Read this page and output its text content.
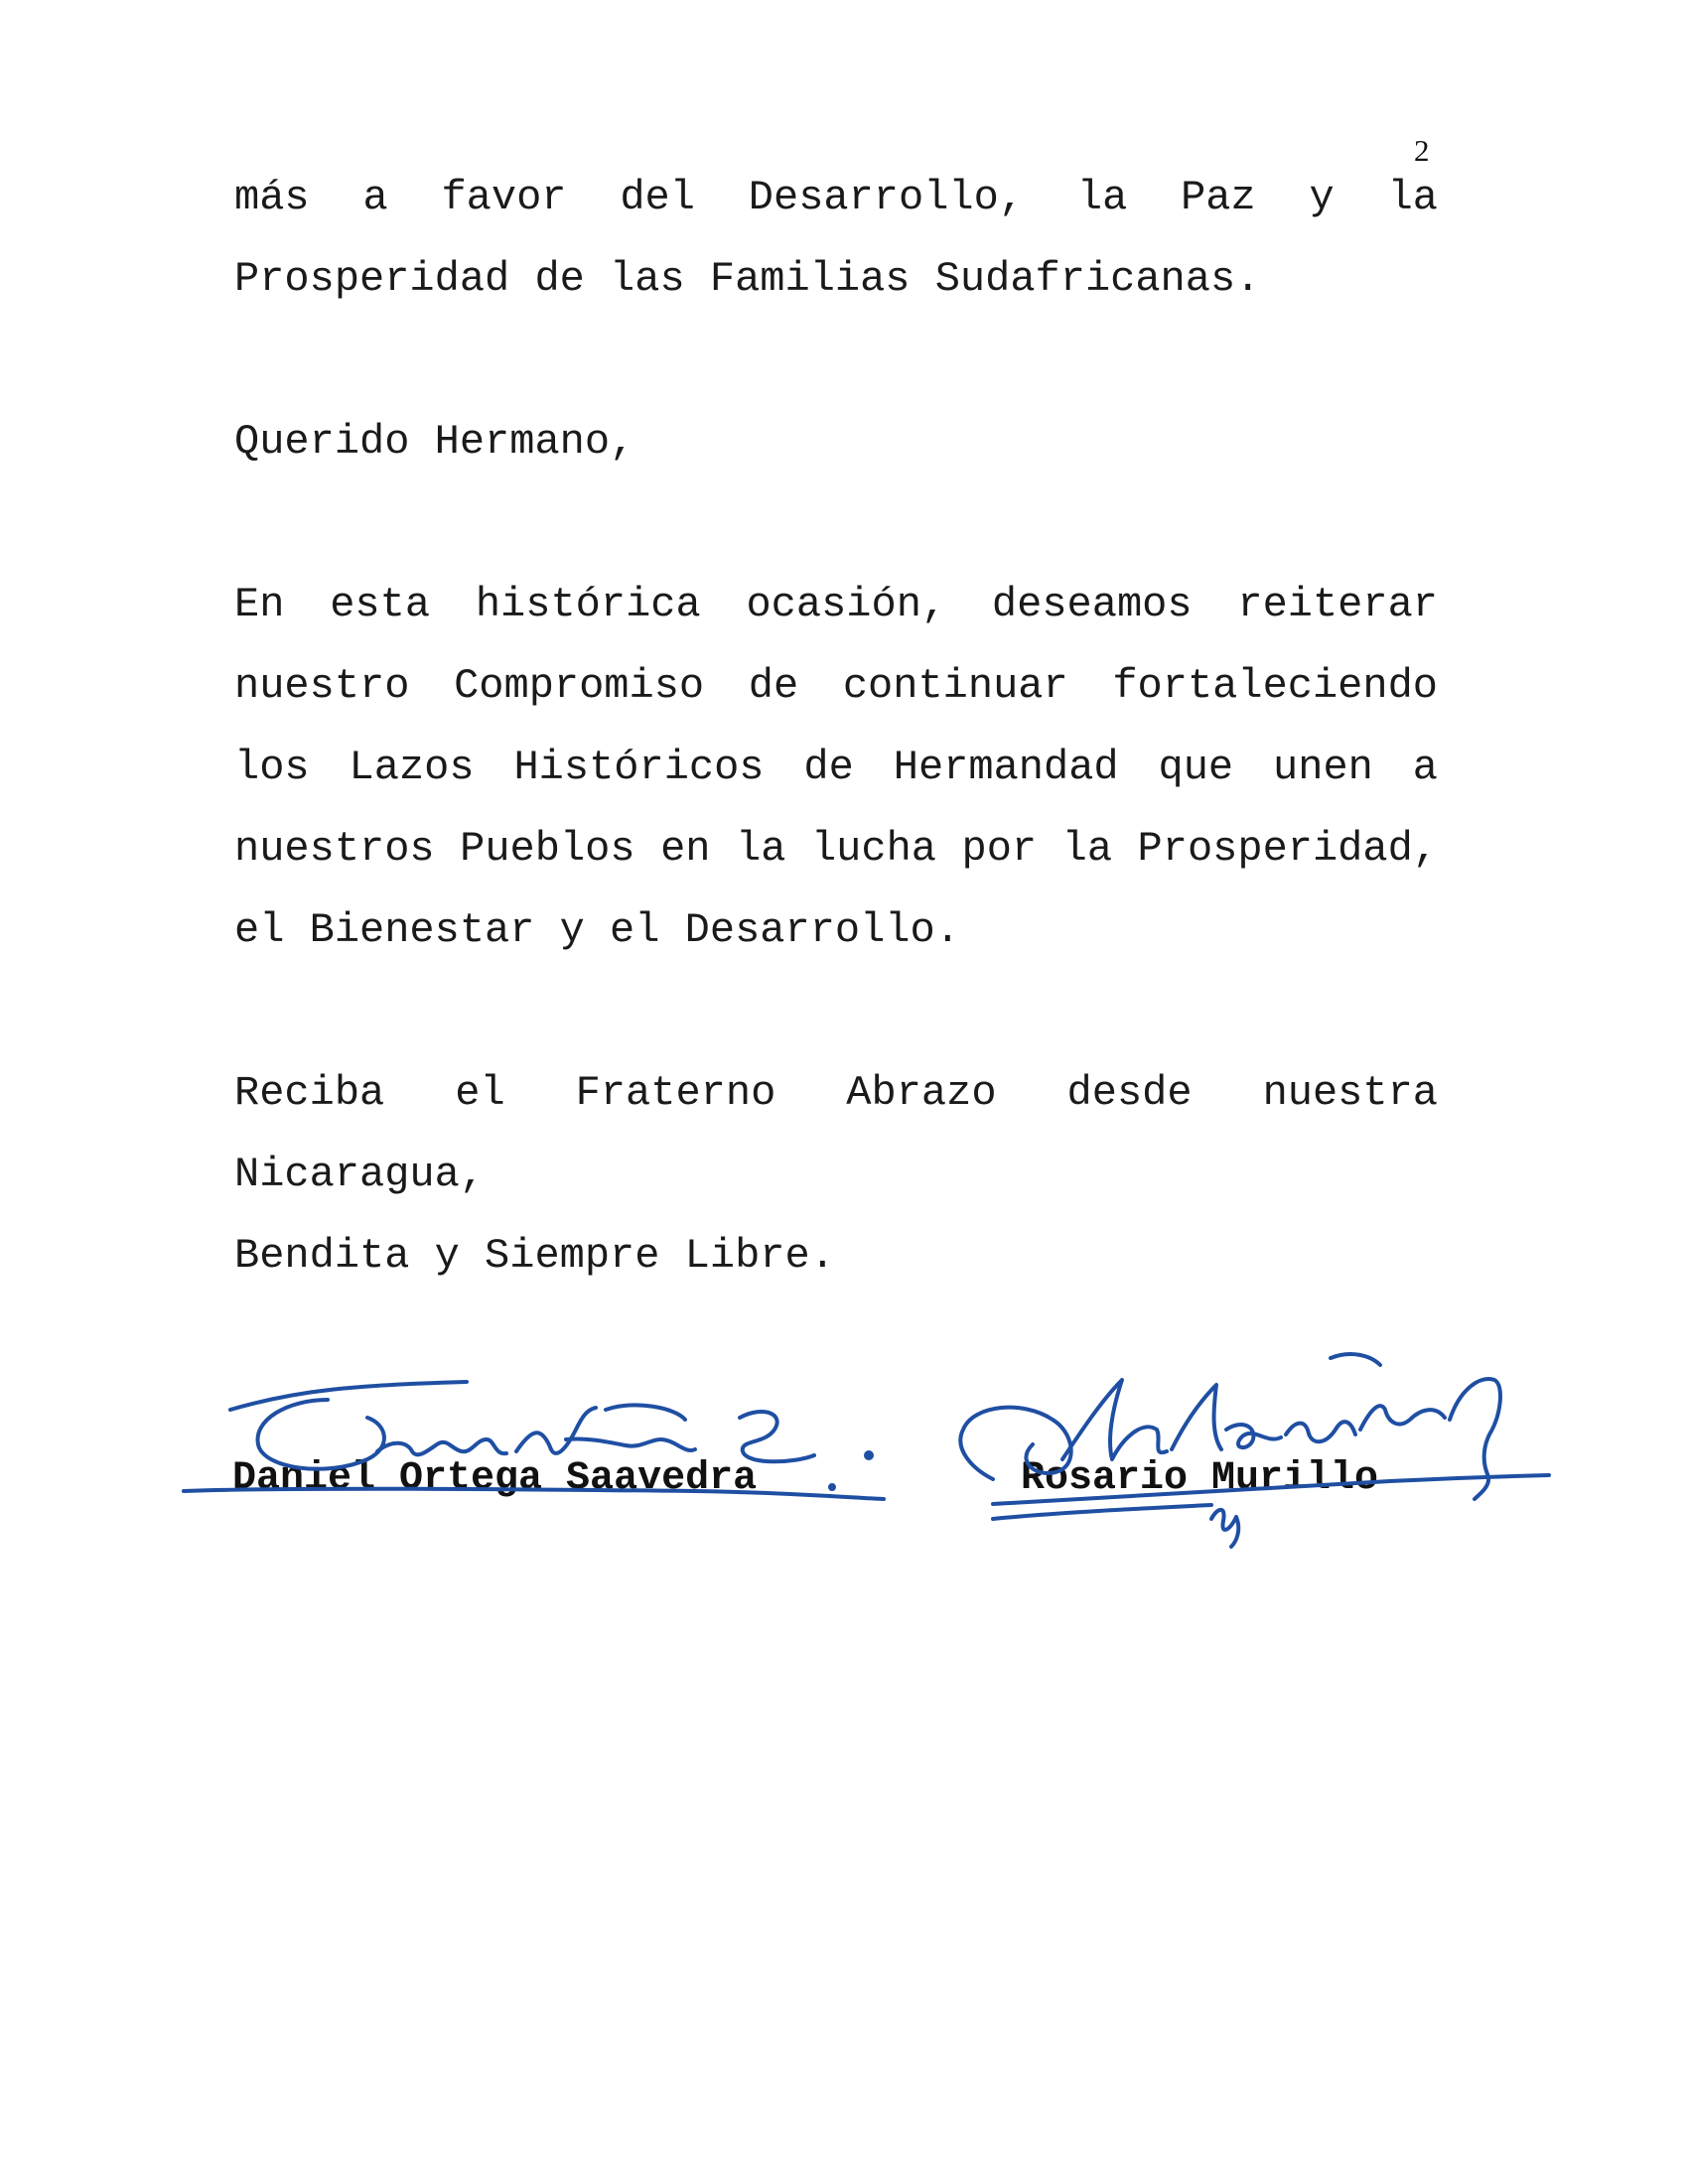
2

más a favor del Desarrollo, la Paz y la
Prosperidad de las Familias Sudafricanas.

Querido Hermano,

En esta histórica ocasión, deseamos reiterar
nuestro Compromiso de continuar fortaleciendo
los Lazos Históricos de Hermandad que unen a
nuestros Pueblos en la lucha por la Prosperidad,
el Bienestar y el Desarrollo.

Reciba el Fraterno Abrazo desde nuestra Nicaragua,
Bendita y Siempre Libre.

Daniel Ortega Saavedra	Rosario Murillo
